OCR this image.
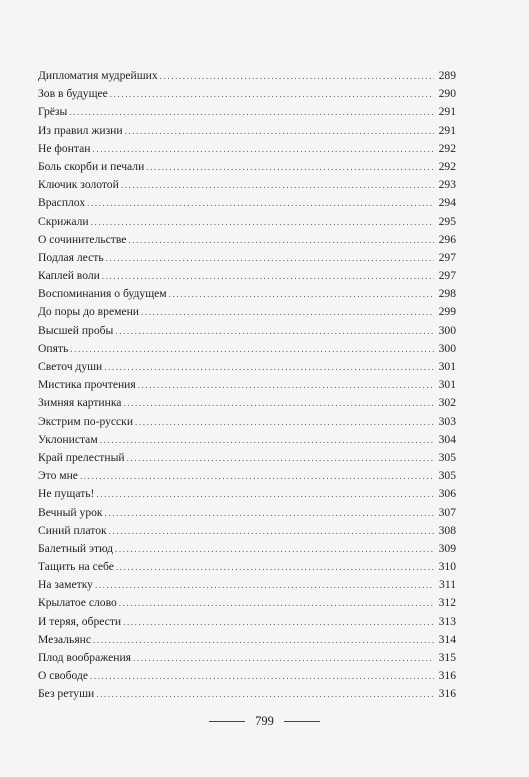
Дипломатия мудрейших .....	289
Зов в будущее .....	290
Грёзы .....	291
Из правил жизни .....	291
Не фонтан .....	292
Боль скорби и печали .....	292
Ключик золотой .....	293
Врасплох .....	294
Скрижали .....	295
О сочинительстве .....	296
Подлая лесть .....	297
Каплей воли .....	297
Воспоминания о будущем .....	298
До поры до времени .....	299
Высшей пробы .....	300
Опять .....	300
Светоч души .....	301
Мистика прочтения .....	301
Зимняя картинка .....	302
Экстрим по-русски .....	303
Уклонистам .....	304
Край прелестный .....	305
Это мне .....	305
Не пущать! .....	306
Вечный урок .....	307
Синий платок .....	308
Балетный этюд .....	309
Тащить на себе .....	310
На заметку .....	311
Крылатое слово .....	312
И теряя, обрести .....	313
Мезальянс .....	314
Плод воображения .....	315
О свободе .....	316
Без ретуши .....	316
799
